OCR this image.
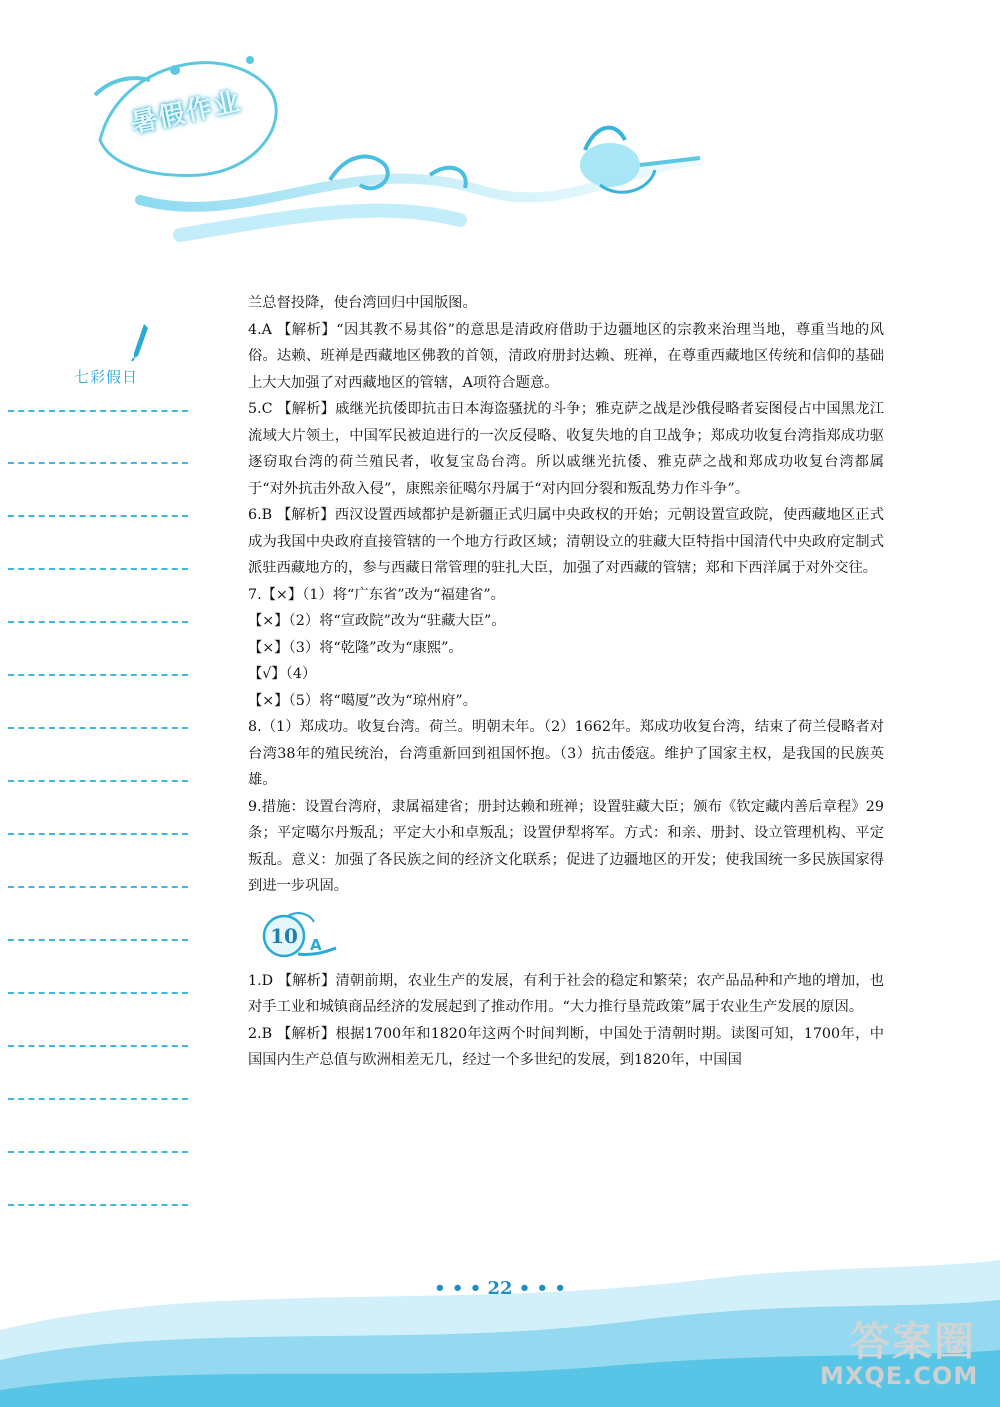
暑假作业
七彩假日

兰总督投降，使台湾回归中国版图。

4.A 【解析】“因其教不易其俗”的意思是清政府借助于边疆地区的宗教来治理当地，尊重当地的风俗。达赖、班禅是西藏地区佛教的首领，清政府册封达赖、班禅，在尊重西藏地区传统和信仰的基础上大大加强了对西藏地区的管辖，A项符合题意。

5.C 【解析】戚继光抗倭即抗击日本海盗骚扰的斗争；雅克萨之战是沙俄侵略者妄图侵占中国黑龙江流域大片领土，中国军民被迫进行的一次反侵略、收复失地的自卫战争；郑成功收复台湾指郑成功驱逐窃取台湾的荷兰殖民者，收复宝岛台湾。所以戚继光抗倭、雅克萨之战和郑成功收复台湾都属于“对外抗击外敌入侵”，康熙亲征噶尔丹属于“对内回分裂和叛乱势力作斗争”。

6.B 【解析】西汉设置西域都护是新疆正式归属中央政权的开始；元朝设置宣政院，使西藏地区正式成为我国中央政府直接管辖的一个地方行政区域；清朝设立的驻藏大臣特指中国清代中央政府定制式派驻西藏地方的，参与西藏日常管理的驻扎大臣，加强了对西藏的管辖；郑和下西洋属于对外交往。

7.【×】（1）将“广东省”改为“福建省”。

【×】（2）将“宣政院”改为“驻藏大臣”。

【×】（3）将“乾隆”改为“康熙”。

【√】（4）

【×】（5）将“噶厦”改为“琼州府”。

8.（1）郑成功。收复台湾。荷兰。明朝末年。（2）1662年。郑成功收复台湾，结束了荷兰侵略者对台湾38年的殖民统治，台湾重新回到祖国怀抱。（3）抗击倭寇。维护了国家主权，是我国的民族英雄。

9.措施：设置台湾府，隶属福建省；册封达赖和班禅；设置驻藏大臣；颁布《钦定藏内善后章程》29条；平定噶尔丹叛乱；平定大小和卓叛乱；设置伊犁将军。方式：和亲、册封、设立管理机构、平定叛乱。意义：加强了各民族之间的经济文化联系；促进了边疆地区的开发；使我国统一多民族国家得到进一步巩固。

10 A

1.D 【解析】清朝前期，农业生产的发展，有利于社会的稳定和繁荣；农产品品种和产地的增加，也对手工业和城镇商品经济的发展起到了推动作用。“大力推行垦荒政策”属于农业生产发展的原因。

2.B 【解析】根据1700年和1820年这两个时间判断，中国处于清朝时期。读图可知，1700年，中国国内生产总值与欧洲相差无几，经过一个多世纪的发展，到1820年，中国国

• • • 22 • • •
答案圈
MXQE.COM
